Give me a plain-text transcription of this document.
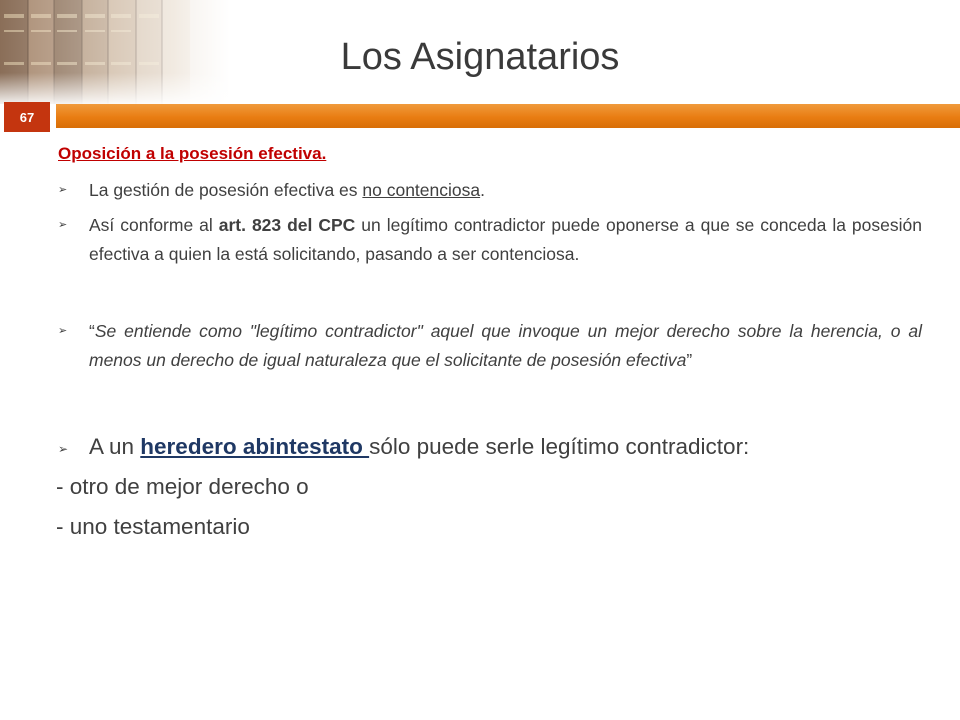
Los Asignatarios
67
Oposición a la posesión efectiva.
➢ La gestión de posesión efectiva es no contenciosa.
➢ Así conforme al art. 823 del CPC un legítimo contradictor puede oponerse a que se conceda la posesión efectiva a quien la está solicitando, pasando a ser contenciosa.
➢ “Se entiende como "legítimo contradictor" aquel que invoque un mejor derecho sobre la herencia, o al menos un derecho de igual naturaleza que el solicitante de posesión efectiva”
➢ A un heredero abintestato sólo puede serle legítimo contradictor:
- otro de mejor derecho o
- uno testamentario
